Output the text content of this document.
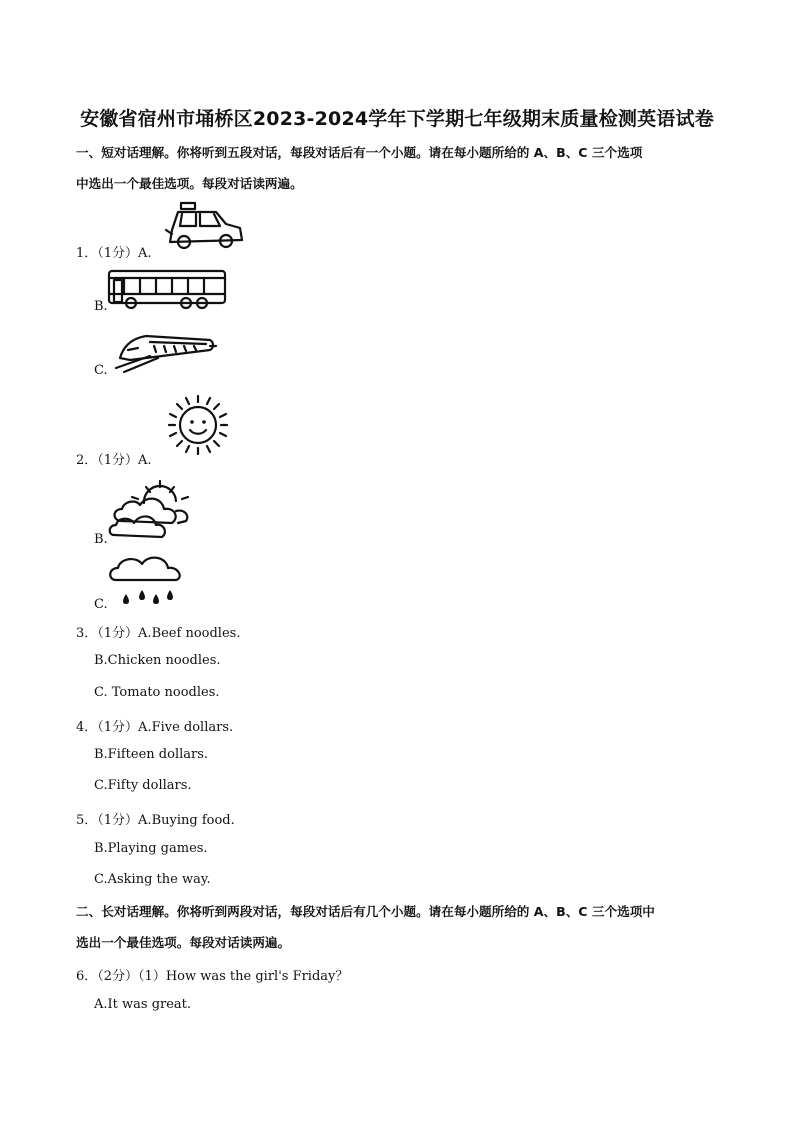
安徽省宿州市埇桥区2023-2024学年下学期七年级期末质量检测英语试卷
一、短对话理解。你将听到五段对话，每段对话后有一个小题。请在每小题所给的 A、B、C 三个选项
中选出一个最佳选项。每段对话读两遍。
1．（1分）A.
B.
C.
2．（1分）A.
B.
C.
3．（1分）A.Beef noodles.
B.Chicken noodles.
C. Tomato noodles.
4．（1分）A.Five dollars.
B.Fifteen dollars.
C.Fifty dollars.
5．（1分）A.Buying food.
B.Playing games.
C.Asking the way.
二、长对话理解。你将听到两段对话，每段对话后有几个小题。请在每小题所给的 A、B、C 三个选项中
选出一个最佳选项。每段对话读两遍。
6．（2分）（1）How was the girl's Friday？
A.It was great.
